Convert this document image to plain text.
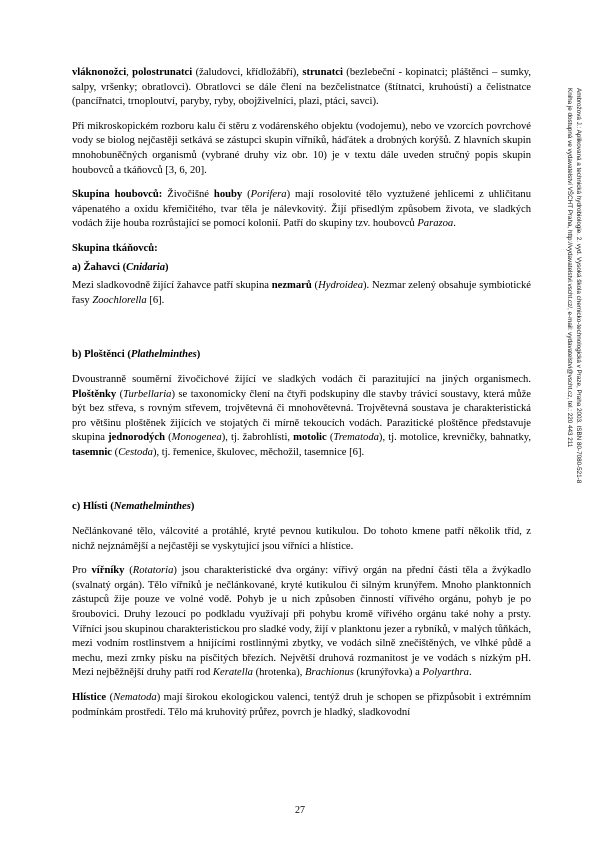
vláknonožci, polostrunatci (žaludovci, křídložábří), strunatci (bezlebeční - kopinatci; pláštěnci – sumky, salpy, vršenky; obratlovci). Obratlovci se dále člení na bezčelistnatce (štítnatci, kruhoústí) a čelistnatce (pancířnatci, trnoploutví, paryby, ryby, obojživelníci, plazi, ptáci, savci).

Při mikroskopickém rozboru kalu či stěru z vodárenského objektu (vodojemu), nebo ve vzorcích povrchové vody se biolog nejčastěji setkává se zástupci skupin vířníků, háďátek a drobných korýšů. Z hlavních skupin mnohobuněčných organismů (vybrané druhy viz obr. 10) je v textu dále uveden stručný popis skupin houbovců a tkáňovců [3, 6, 20].

Skupina houbovců: Živočišné houby (Porifera) mají rosolovité tělo vyztužené jehlicemi z uhličitanu vápenatého a oxidu křemičitého, tvar těla je nálevkovitý. Žijí přisedlým způsobem života, ve sladkých vodách žije houba rozrůstající se pomocí kolonií. Patří do skupiny tzv. houbovců Parazoa.

Skupina tkáňovců:
a) Žahavci (Cnidaria)

Mezi sladkovodně žijící žahavce patří skupina nezmarů (Hydroidea). Nezmar zelený obsahuje symbiotické řasy Zoochlorella [6].

b) Ploštěnci (Plathelminthes)

Dvoustranně souměrní živočichové žijící ve sladkých vodách či parazitující na jiných organismech. Ploštěnky (Turbellaria) se taxonomicky člení na čtyři podskupiny dle stavby trávicí soustavy, která může být bez střeva, s rovným střevem, trojvětevná či mnohovětevná. Trojvětevná soustava je charakteristická pro většinu ploštěnek žijících ve stojatých či mírně tekoucích vodách. Parazitické ploštěnce představuje skupina jednorodých (Monogenea), tj. žabrohlísti, motolic (Trematoda), tj. motolice, krevničky, bahnatky, tasemnic (Cestoda), tj. řemenice, škulovec, měchožil, tasemnice [6].

c) Hlísti (Nemathelminthes)

Nečlánkované tělo, válcovité a protáhlé, kryté pevnou kutikulou. Do tohoto kmene patří několik tříd, z nichž nejznámější a nejčastěji se vyskytující jsou vířníci a hlístice.

Pro vířníky (Rotatoria) jsou charakteristické dva orgány: vířivý orgán na přední části těla a žvýkadlo (svalnatý orgán). Tělo vířníků je nečlánkované, kryté kutikulou či silným krunýřem. Mnoho planktonních zástupců žije pouze ve volné vodě. Pohyb je u nich způsoben činností vířivého orgánu, pohyb je po šroubovici. Druhy lezoucí po podkladu využívají při pohybu kromě vířivého orgánu také nohy a prsty. Vířníci jsou skupinou charakteristickou pro sladké vody, žijí v planktonu jezer a rybníků, v malých tůňkách, mezi vodním rostlinstvem a hnijícími rostlinnými zbytky, ve vodách silně znečištěných, ve vlhké půdě a mechu, mezi zrnky písku na písčitých březích. Největší druhová rozmanitost je ve vodách s nízkým pH. Mezi nejběžnější druhy patří rod Keratella (hrotenka), Brachionus (krunýřovka) a Polyarthra.

Hlístice (Nematoda) mají širokou ekologickou valenci, tentýž druh je schopen se přizpůsobit i extrémním podmínkám prostředí. Tělo má kruhovitý průřez, povrch je hladký, sladkovodní

Ambrožová J.: Aplikovaná a technická hydrobiologie. 2. vyd. Vysoká škola chemicko-technologická v Praze, Praha 2003. ISBN 80-7080-521-8
Kniha je dostupná ve vydavatelství VŠCHT Praha, http://vydavatelstvi.vscht.cz/, e-mail: vydavatelstvi@vscht.cz, tel.: 220 443 211
27
